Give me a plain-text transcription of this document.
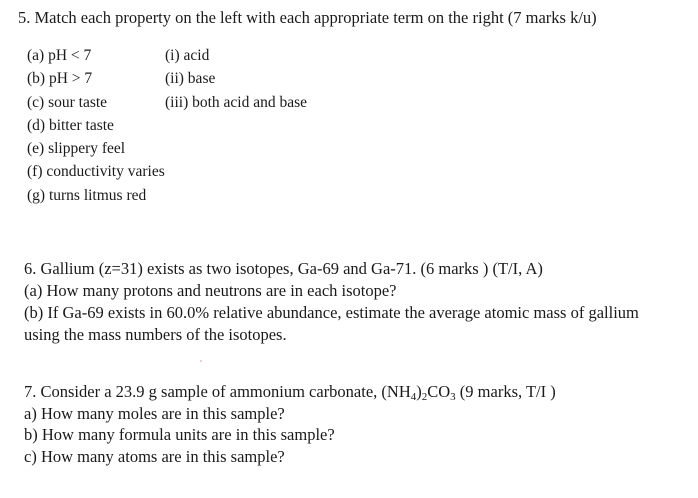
5. Match each property on the left with each appropriate term on the right (7 marks k/u)
(a) pH < 7
(b) pH > 7
(c) sour taste
(d) bitter taste
(e) slippery feel
(f) conductivity varies
(g) turns litmus red
(i) acid
(ii) base
(iii) both acid and base
6. Gallium (z=31) exists as two isotopes, Ga-69 and Ga-71. (6 marks ) (T/I, A)
(a) How many protons and neutrons are in each isotope?
(b) If Ga-69 exists in 60.0% relative abundance, estimate the average atomic mass of gallium
using the mass numbers of the isotopes.
7. Consider a 23.9 g sample of ammonium carbonate, $(NH_4)_2CO_3$ (9 marks, T/I )
a) How many moles are in this sample?
b) How many formula units are in this sample?
c) How many atoms are in this sample?
